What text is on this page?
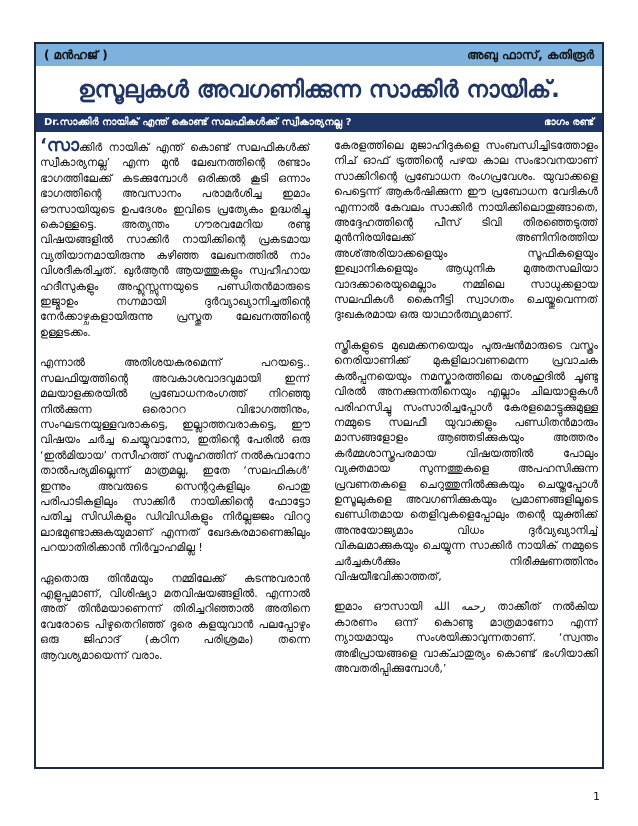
( മൻഹജ് )	അബു ഫാസ്, കതിരൂർ
ഉസൂലുകൾ അവഗണിക്കുന്ന സാക്കിർ നായിക്.
Dr.സാക്കിർ നായിക് എന്ത് കൊണ്ട് സലഫികൾക്ക് സ്വീകാര്യനല്ല ?	ഭാഗം രണ്ട്

‘സാക്കിർ നായിക് എന്ത് കൊണ്ട് സലഫികൾക്ക് സ്വീകാര്യനല്ല’ എന്ന മുൻ ലേഖനത്തിന്റെ രണ്ടാം ഭാഗത്തിലേക്ക് കടക്കുമ്പോൾ ഒരിക്കൽ കൂടി ഒന്നാം ഭാഗത്തിന്റെ അവസാനം പരാമർശിച്ച ഇമാം ഔസായിയുടെ ഉപദേശം ഇവിടെ പ്രത്യേകം ഉദ്ധരിച്ചു കൊള്ളട്ടെ. അത്യന്തം ഗൗരവമേറിയ രണ്ടു വിഷയങ്ങളിൽ സാക്കിർ നായിക്കിന്റെ പ്രകടമായ വ്യതിയാനമായിരുന്നു കഴിഞ്ഞ ലേഖനത്തിൽ നാം വിശദീകരിച്ചത്. ഖുർആൻ ആയത്തുകളും സ്വഹീഹായ ഹദീസുകളും അഹ്ലുസ്സുന്നയുടെ പണ്ഡിതൻമാരുടെ ഇജ്മാഉം നഗ്നമായി ദുർവ്യാഖ്യാനിച്ചതിന്റെ നേർക്കാഴ്ചകളായിരുന്നു പ്രസ്തുത ലേഖനത്തിന്റെ ഉള്ളടക്കം.

എന്നാൽ അതിശയകരമെന്ന് പറയട്ടെ.. സലഫിയ്യത്തിന്റെ അവകാശവാദവുമായി ഇന്ന് മലയാളക്കരയിൽ പ്രബോധനരംഗത്ത് നിറഞ്ഞു നിൽക്കുന്ന ഒരൊററ വിഭാഗത്തിനും, സംഘടനയുള്ളവരാകട്ടെ, ഇല്ലാത്തവരാകട്ടെ, ഈ വിഷയം ചർച്ച ചെയ്യുവാനോ, ഇതിന്റെ പേരിൽ ഒരു ‘ഇൽമിയായ’ നസീഹത്ത് സമൂഹത്തിന് നൽകുവാനോ താൽപര്യമില്ലെന്ന് മാത്രമല്ല, ഇതേ ‘സലഫികൾ’ ഇന്നും അവരുടെ സെന്ററുകളിലും പൊതു പരിപാടികളിലും സാക്കിർ നായിക്കിന്റെ ഫോട്ടോ പതിച്ച സിഡികളും ഡിവിഡികളും നിർല്ലജ്ജം വിററു ലാഭമുണ്ടാക്കുകയുമാണ് എന്നത് ഖേദകരമാണെങ്കിലും പറയാതിരിക്കാൻ നിർവ്വാഹമില്ല !

ഏതൊരു തിൻമയും നമ്മിലേക്ക് കടന്നുവരാൻ എളുപ്പമാണ്, വിശിഷ്യാ മതവിഷയങ്ങളിൽ. എന്നാൽ അത് തിൻമയാണെന്ന് തിരിച്ചറിഞ്ഞാൽ അതിനെ വേരോടെ പിഴുതെറിഞ്ഞ് ദൂരെ കളയുവാൻ പലപ്പോഴും ഒരു ജിഹാദ് (കഠിന പരിശ്രമം) തന്നെ ആവശ്യമായെന്ന് വരാം.

കേരളത്തിലെ മുജാഹിദുകളെ സംബന്ധിച്ചിടത്തോളം നിച് ഓഫ് ട്രുത്തിന്റെ പഴയ കാല സംഭാവനയാണ് സാക്കിറിന്റെ പ്രബോധന രംഗപ്രവേശം. യുവാക്കളെ പെട്ടെന്ന് ആകർഷിക്കുന്ന ഈ പ്രബോധന വേദികൾ എന്നാൽ കേവലം സാക്കിർ നായിക്കിലൊതുങ്ങാതെ, അദ്ദേഹത്തിന്റെ പീസ് ടിവി തിരഞ്ഞെടുത്ത് മുൻനിരയിലേക്ക് അണിനിരത്തിയ അശ്അരിയാക്കളെയും സൂഫികളെയും ഇഖ്വാനികളെയും ആധുനിക മുഅതസലിയാ വാദക്കാരെയുമെല്ലാം നമ്മിലെ സാധുക്കളായ സലഫികൾ കൈനീട്ടി സ്വാഗതം ചെയ്തുവെന്നത് ദുഃഖകരമായ ഒരു യാഥാർത്ഥ്യമാണ്.

സ്ത്രീകളുടെ മുഖമക്കനയെയും പുരുഷൻമാരുടെ വസ്ത്രം നെരിയാണിക്ക് മുകളിലാവണമെന്ന പ്രവാചക കൽപ്പനയെയും നമസ്കാരത്തിലെ തശഹുദിൽ ചൂണ്ടു വിരൽ അനക്കുന്നതിനെയും എല്ലാം ചിലയാളുകൾ പരിഹസിച്ചു സംസാരിച്ചപ്പോൾ കേരളമൊട്ടുക്കുമുള്ള നമ്മുടെ സലഫീ യുവാക്കളും പണ്ഡിതൻമാരും മാസങ്ങളോളം ആഞ്ഞടിക്കുകയും അത്തരം കർമ്മശാസ്ത്രപരമായ വിഷയത്തിൽ പോലും വ്യക്തമായ സുന്നത്തുകളെ അപഹസിക്കുന്ന പ്രവണതകളെ ചെറുത്തുനിൽക്കുകയും ചെയ്തപ്പോൾ ഉസൂലുകളെ അവഗണിക്കുകയും പ്രമാണങ്ങളിലൂടെ ഖണ്ഡിതമായ തെളിവുകളെപ്പോലും തന്റെ യുക്തിക്ക് അനുയോജ്യമാം വിധം ദുർവ്യഖ്യാനിച്ച് വികലമാക്കുകയും ചെയ്യുന്ന സാക്കിർ നായിക് നമ്മുടെ ചർച്ചകൾക്കും നിരീക്ഷണത്തിനും വിഷയീഭവിക്കാത്തത്,

ഇമാം ഔസായി رحمه الله താക്കീത് നൽകിയ കാരണം ഒന്ന് കൊണ്ടു മാത്രമാണോ എന്ന് ന്യായമായും സംശയിക്കാവുന്നതാണ്. ‘സ്വന്തം അഭിപ്രായങ്ങളെ വാക്ചാതുര്യം കൊണ്ട് ഭംഗിയാക്കി അവതരിപ്പിക്കുമ്പോൾ,’

1
